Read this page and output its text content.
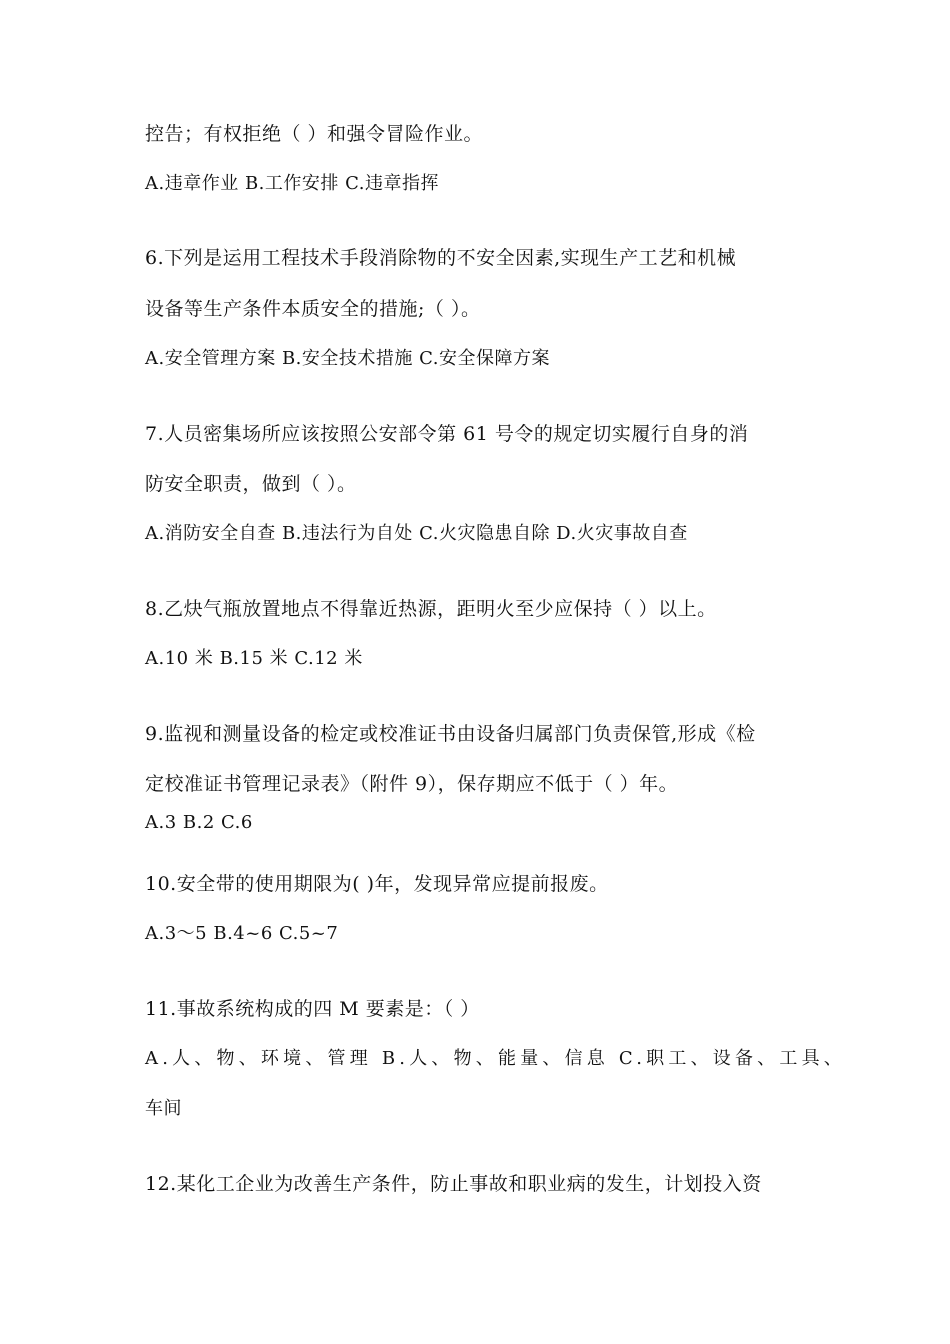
控告；有权拒绝（ ）和强令冒险作业。
A.违章作业 B.工作安排 C.违章指挥
6.下列是运用工程技术手段消除物的不安全因素,实现生产工艺和机械
设备等生产条件本质安全的措施;（ ）。
A.安全管理方案 B.安全技术措施 C.安全保障方案
7.人员密集场所应该按照公安部令第 61 号令的规定切实履行自身的消
防安全职责，做到（ ）。
A.消防安全自查 B.违法行为自处 C.火灾隐患自除 D.火灾事故自查
8.乙炔气瓶放置地点不得靠近热源，距明火至少应保持（ ）以上。
A.10 米 B.15 米 C.12 米
9.监视和测量设备的检定或校准证书由设备归属部门负责保管,形成《检
定校准证书管理记录表》（附件 9），保存期应不低于（ ）年。
A.3 B.2 C.6
10.安全带的使用期限为( )年，发现异常应提前报废。
A.3～5 B.4~6 C.5~7
11.事故系统构成的四 M 要素是：（ ）
A.人、物、环境、管理 B.人、物、能量、信息 C.职工、设备、工具、
车间
12.某化工企业为改善生产条件，防止事故和职业病的发生，计划投入资
